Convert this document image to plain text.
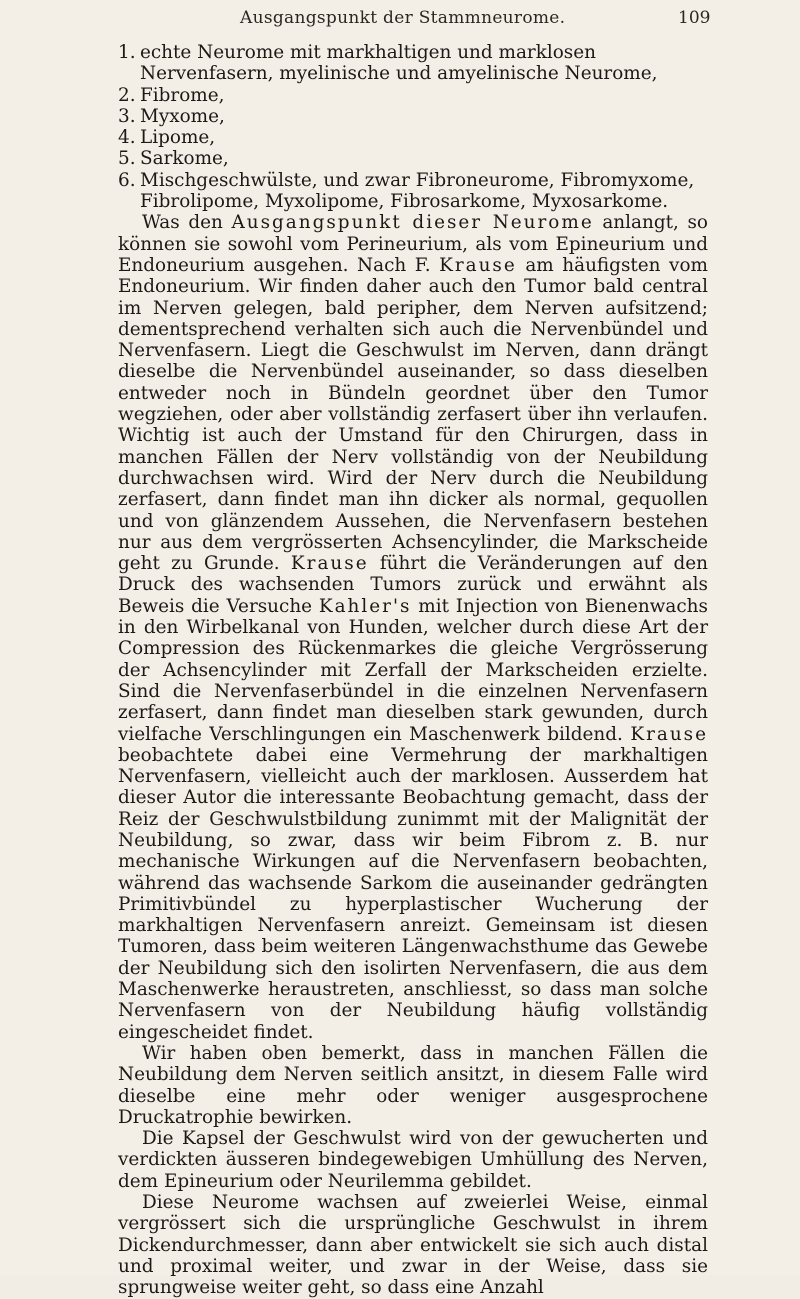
Ausgangspunkt der Stammneurome.	109
1. echte Neurome mit markhaltigen und marklosen Nervenfasern, myelinische und amyelinische Neurome,
2. Fibrome,
3. Myxome,
4. Lipome,
5. Sarkome,
6. Mischgeschwülste, und zwar Fibroneurome, Fibromyxome, Fibrolipome, Myxolipome, Fibrosarkome, Myxosarkome.

Was den Ausgangspunkt dieser Neurome anlangt, so können sie sowohl vom Perineurium, als vom Epineurium und Endoneurium ausgehen. Nach F. Krause am häufigsten vom Endoneurium. Wir finden daher auch den Tumor bald central im Nerven gelegen, bald peripher, dem Nerven aufsitzend; dementsprechend verhalten sich auch die Nervenbündel und Nervenfasern. Liegt die Geschwulst im Nerven, dann drängt dieselbe die Nervenbündel auseinander, so dass dieselben entweder noch in Bündeln geordnet über den Tumor wegziehen, oder aber vollständig zerfasert über ihn verlaufen. Wichtig ist auch der Umstand für den Chirurgen, dass in manchen Fällen der Nerv vollständig von der Neubildung durchwachsen wird. Wird der Nerv durch die Neubildung zerfasert, dann findet man ihn dicker als normal, gequollen und von glänzendem Aussehen, die Nervenfasern bestehen nur aus dem vergrösserten Achsencylinder, die Markscheide geht zu Grunde. Krause führt die Veränderungen auf den Druck des wachsenden Tumors zurück und erwähnt als Beweis die Versuche Kahler's mit Injection von Bienenwachs in den Wirbelkanal von Hunden, welcher durch diese Art der Compression des Rückenmarkes die gleiche Vergrösserung der Achsencylinder mit Zerfall der Markscheiden erzielte. Sind die Nervenfaserbündel in die einzelnen Nervenfasern zerfasert, dann findet man dieselben stark gewunden, durch vielfache Verschlingungen ein Maschenwerk bildend. Krause beobachtete dabei eine Vermehrung der markhaltigen Nervenfasern, vielleicht auch der marklosen. Ausserdem hat dieser Autor die interessante Beobachtung gemacht, dass der Reiz der Geschwulstbildung zunimmt mit der Malignität der Neubildung, so zwar, dass wir beim Fibrom z. B. nur mechanische Wirkungen auf die Nervenfasern beobachten, während das wachsende Sarkom die auseinander gedrängten Primitivbündel zu hyperplastischer Wucherung der markhaltigen Nervenfasern anreizt. Gemeinsam ist diesen Tumoren, dass beim weiteren Längenwachsthume das Gewebe der Neubildung sich den isolirten Nervenfasern, die aus dem Maschenwerke heraustreten, anschliesst, so dass man solche Nervenfasern von der Neubildung häufig vollständig eingescheidet findet.

Wir haben oben bemerkt, dass in manchen Fällen die Neubildung dem Nerven seitlich ansitzt, in diesem Falle wird dieselbe eine mehr oder weniger ausgesprochene Druckatrophie bewirken.

Die Kapsel der Geschwulst wird von der gewucherten und verdickten äusseren bindegewebigen Umhüllung des Nerven, dem Epineurium oder Neurilemma gebildet.

Diese Neurome wachsen auf zweierlei Weise, einmal vergrössert sich die ursprüngliche Geschwulst in ihrem Dickendurchmesser, dann aber entwickelt sie sich auch distal und proximal weiter, und zwar in der Weise, dass sie sprungweise weiter geht, so dass eine Anzahl
